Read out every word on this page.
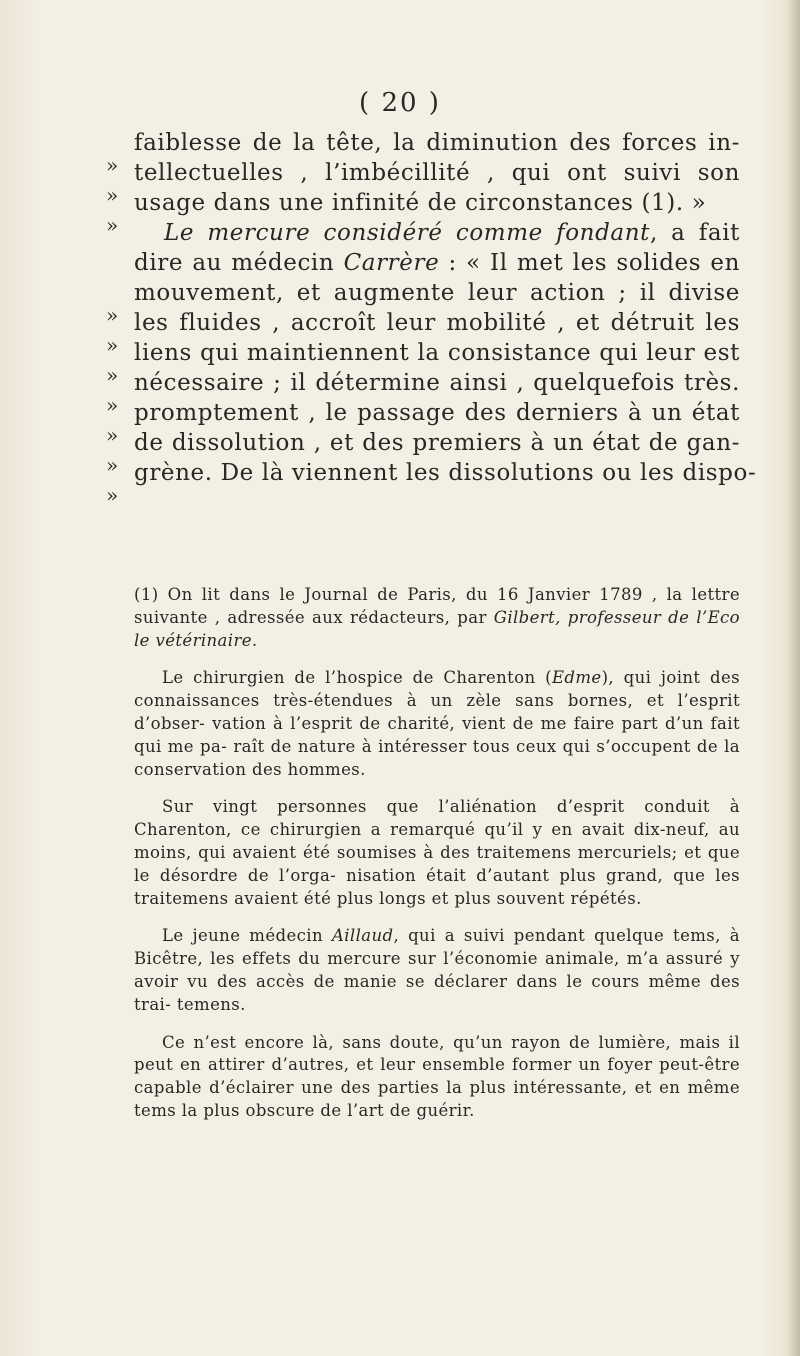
( 20 )
»
faiblesse de la tête, la diminution des forces in-
»
tellectuelles , l’imbécillité , qui ont suivi son
»
usage dans une infinité de circonstances (1). »
Le mercure considéré comme fondant, a fait
dire au médecin Carrère : « Il met les solides en
»
mouvement, et augmente leur action ; il divise
»
les fluides , accroît leur mobilité , et détruit les
»
liens qui maintiennent la consistance qui leur est
»
nécessaire ; il détermine ainsi , quelquefois très.
»
promptement , le passage des derniers à un état
»
de dissolution , et des premiers à un état de gan-
»
grène. De là viennent les dissolutions ou les dispo-

(1) On lit dans le Journal de Paris, du 16 Janvier 1789 , la lettre suivante , adressée aux rédacteurs, par Gilbert, professeur de l’Eco le vétérinaire.

Le chirurgien de l’hospice de Charenton (Edme), qui joint des connaissances très-étendues à un zèle sans bornes, et l’esprit d’obser- vation à l’esprit de charité, vient de me faire part d’un fait qui me pa- raît de nature à intéresser tous ceux qui s’occupent de la conservation des hommes.

Sur vingt personnes que l’aliénation d’esprit conduit à Charenton, ce chirurgien a remarqué qu’il y en avait dix-neuf, au moins, qui avaient été soumises à des traitemens mercuriels; et que le désordre de l’orga- nisation était d’autant plus grand, que les traitemens avaient été plus longs et plus souvent répétés.

Le jeune médecin Aillaud, qui a suivi pendant quelque tems, à Bicêtre, les effets du mercure sur l’économie animale, m’a assuré y avoir vu des accès de manie se déclarer dans le cours même des trai- temens.

Ce n’est encore là, sans doute, qu’un rayon de lumière, mais il peut en attirer d’autres, et leur ensemble former un foyer peut-être capable d’éclairer une des parties la plus intéressante, et en même tems la plus obscure de l’art de guérir.
